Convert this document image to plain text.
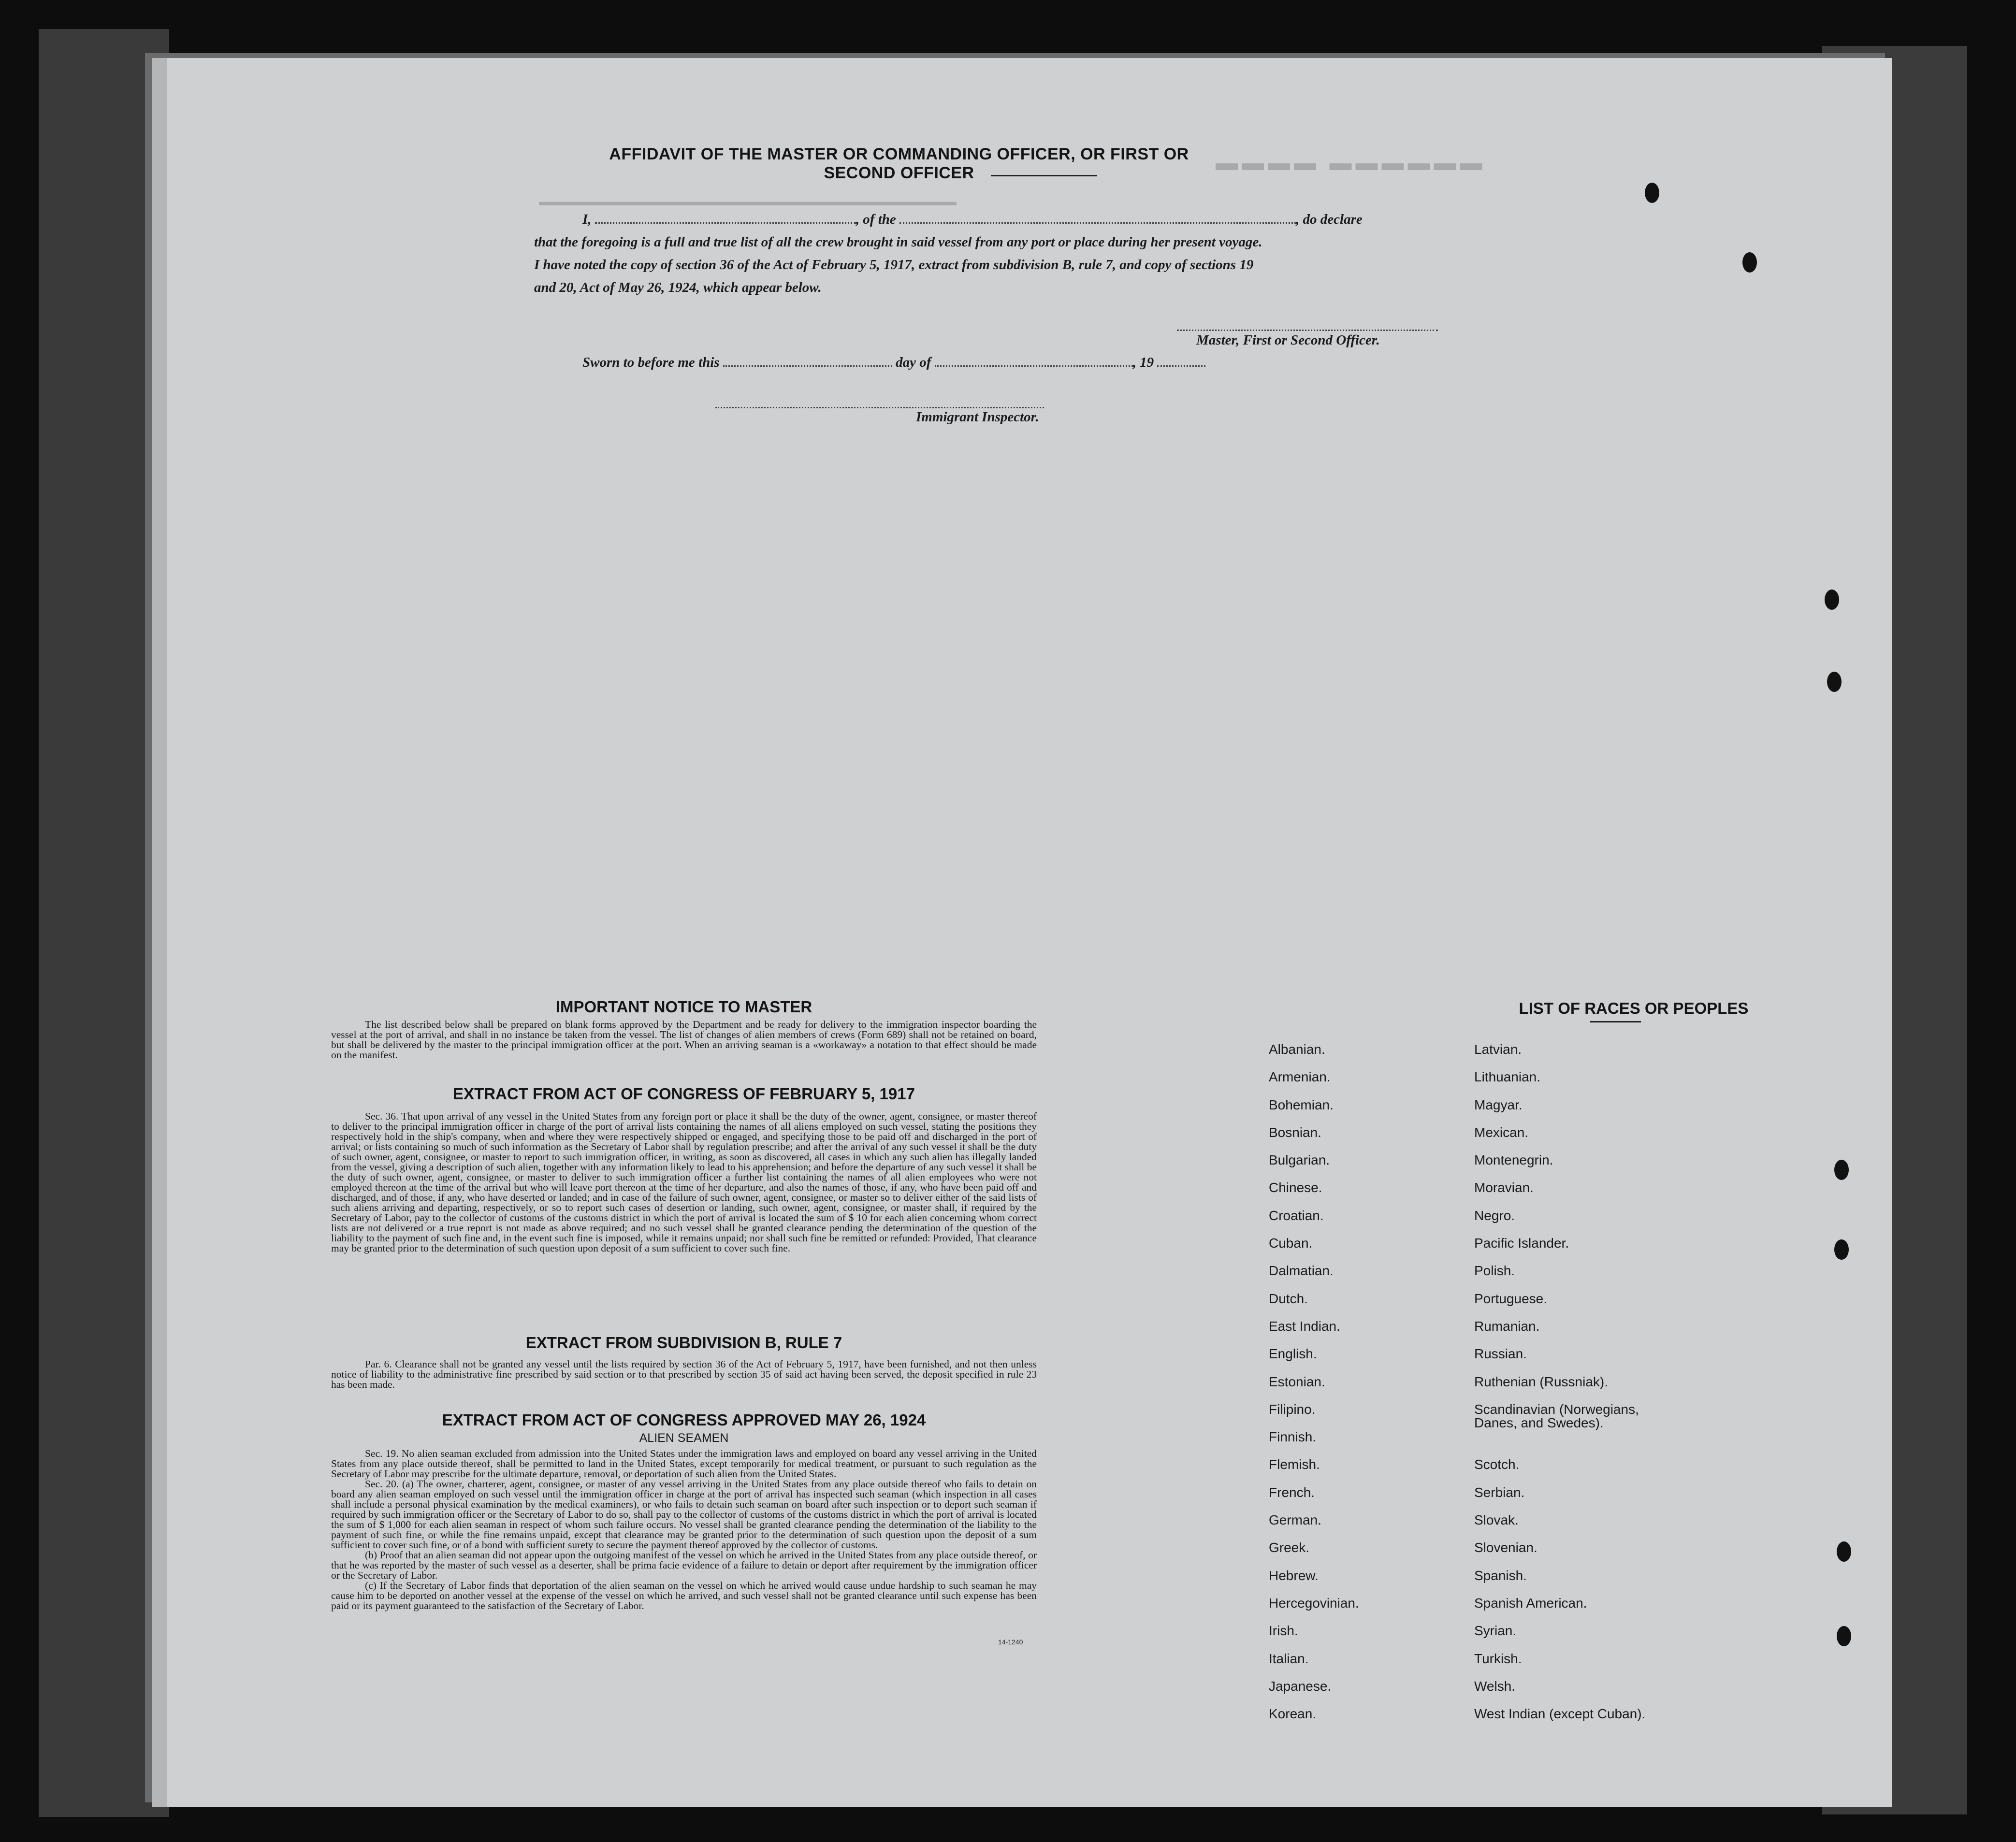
▬▬▬▬ ▬▬▬▬▬▬
▬▬▬▬▬▬▬▬▬▬▬▬▬▬▬▬▬▬▬▬▬▬▬▬▬▬▬▬▬▬▬▬▬▬▬▬
AFFIDAVIT OF THE MASTER OR COMMANDING OFFICER, OR FIRST OR SECOND OFFICER
I,	, of the	, do declare
that the foregoing is a full and true list of all the crew brought in said vessel from any port or place during her present voyage.
I have noted the copy of section 36 of the Act of February 5, 1917, extract from subdivision B, rule 7, and copy of sections 19
and 20, Act of May 26, 1924, which appear below.
Master, First or Second Officer.
Sworn to before me this	day of	, 19
Immigrant Inspector.
IMPORTANT NOTICE TO MASTER

The list described below shall be prepared on blank forms approved by the Department and be ready for delivery to the immigration inspector boarding the vessel at the port of arrival, and shall in no instance be taken from the vessel. The list of changes of alien members of crews (Form 689) shall not be retained on board, but shall be delivered by the master to the principal immigration officer at the port. When an arriving seaman is a «workaway» a notation to that effect should be made on the manifest.

EXTRACT FROM ACT OF CONGRESS OF FEBRUARY 5, 1917

Sec. 36. That upon arrival of any vessel in the United States from any foreign port or place it shall be the duty of the owner, agent, consignee, or master thereof to deliver to the principal immigration officer in charge of the port of arrival lists containing the names of all aliens employed on such vessel, stating the positions they respectively hold in the ship's company, when and where they were respectively shipped or engaged, and specifying those to be paid off and discharged in the port of arrival; or lists containing so much of such information as the Secretary of Labor shall by regulation prescribe; and after the arrival of any such vessel it shall be the duty of such owner, agent, consignee, or master to report to such immigration officer, in writing, as soon as discovered, all cases in which any such alien has illegally landed from the vessel, giving a description of such alien, together with any information likely to lead to his apprehension; and before the departure of any such vessel it shall be the duty of such owner, agent, consignee, or master to deliver to such immigration officer a further list containing the names of all alien employees who were not employed thereon at the time of the arrival but who will leave port thereon at the time of her departure, and also the names of those, if any, who have been paid off and discharged, and of those, if any, who have deserted or landed; and in case of the failure of such owner, agent, consignee, or master so to deliver either of the said lists of such aliens arriving and departing, respectively, or so to report such cases of desertion or landing, such owner, agent, consignee, or master shall, if required by the Secretary of Labor, pay to the collector of customs of the customs district in which the port of arrival is located the sum of $ 10 for each alien concerning whom correct lists are not delivered or a true report is not made as above required; and no such vessel shall be granted clearance pending the determination of the question of the liability to the payment of such fine and, in the event such fine is imposed, while it remains unpaid; nor shall such fine be remitted or refunded: Provided, That clearance may be granted prior to the determination of such question upon deposit of a sum sufficient to cover such fine.

EXTRACT FROM SUBDIVISION B, RULE 7

Par. 6. Clearance shall not be granted any vessel until the lists required by section 36 of the Act of February 5, 1917, have been furnished, and not then unless notice of liability to the administrative fine prescribed by said section or to that prescribed by section 35 of said act having been served, the deposit specified in rule 23 has been made.

EXTRACT FROM ACT OF CONGRESS APPROVED MAY 26, 1924
ALIEN SEAMEN

Sec. 19. No alien seaman excluded from admission into the United States under the immigration laws and employed on board any vessel arriving in the United States from any place outside thereof, shall be permitted to land in the United States, except temporarily for medical treatment, or pursuant to such regulation as the Secretary of Labor may prescribe for the ultimate departure, removal, or deportation of such alien from the United States.

Sec. 20. (a) The owner, charterer, agent, consignee, or master of any vessel arriving in the United States from any place outside thereof who fails to detain on board any alien seaman employed on such vessel until the immigration officer in charge at the port of arrival has inspected such seaman (which inspection in all cases shall include a personal physical examination by the medical examiners), or who fails to detain such seaman on board after such inspection or to deport such seaman if required by such immigration officer or the Secretary of Labor to do so, shall pay to the collector of customs of the customs district in which the port of arrival is located the sum of $ 1,000 for each alien seaman in respect of whom such failure occurs. No vessel shall be granted clearance pending the determination of the liability to the payment of such fine, or while the fine remains unpaid, except that clearance may be granted prior to the determination of such question upon the deposit of a sum sufficient to cover such fine, or of a bond with sufficient surety to secure the payment thereof approved by the collector of customs.

(b) Proof that an alien seaman did not appear upon the outgoing manifest of the vessel on which he arrived in the United States from any place outside thereof, or that he was reported by the master of such vessel as a deserter, shall be prima facie evidence of a failure to detain or deport after requirement by the immigration officer or the Secretary of Labor.

(c) If the Secretary of Labor finds that deportation of the alien seaman on the vessel on which he arrived would cause undue hardship to such seaman he may cause him to be deported on another vessel at the expense of the vessel on which he arrived, and such vessel shall not be granted clearance until such expense has been paid or its payment guaranteed to the satisfaction of the Secretary of Labor.

14-1240
LIST OF RACES OR PEOPLES
Albanian.
Armenian.
Bohemian.
Bosnian.
Bulgarian.
Chinese.
Croatian.
Cuban.
Dalmatian.
Dutch.
East Indian.
English.
Estonian.
Filipino.
Finnish.
Flemish.
French.
German.
Greek.
Hebrew.
Hercegovinian.
Irish.
Italian.
Japanese.
Korean.
Latvian.
Lithuanian.
Magyar.
Mexican.
Montenegrin.
Moravian.
Negro.
Pacific Islander.
Polish.
Portuguese.
Rumanian.
Russian.
Ruthenian (Russniak).
Scandinavian (Norwegians, Danes, and Swedes).
Scotch.
Serbian.
Slovak.
Slovenian.
Spanish.
Spanish American.
Syrian.
Turkish.
Welsh.
West Indian (except Cuban).
